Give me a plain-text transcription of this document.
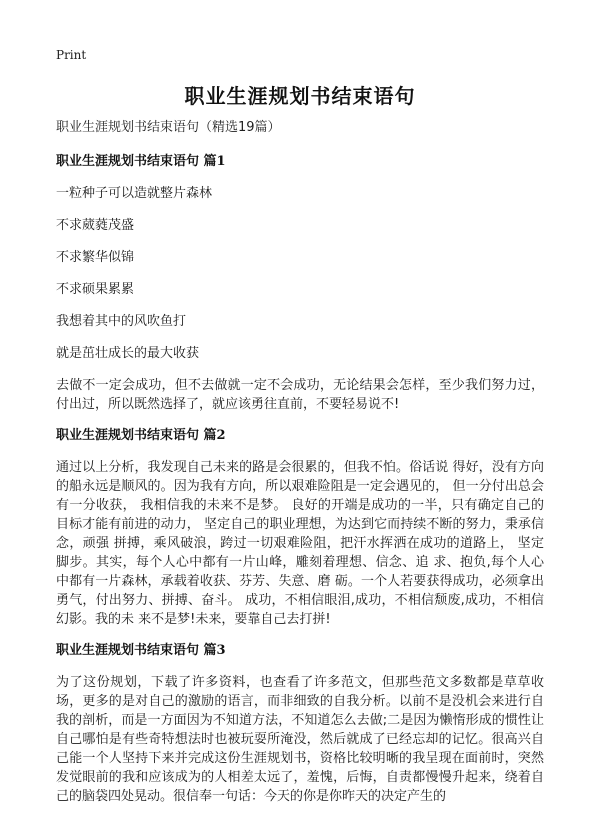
Print
职业生涯规划书结束语句

职业生涯规划书结束语句（精选19篇）

职业生涯规划书结束语句 篇1

一粒种子可以造就整片森林

不求葳蕤茂盛

不求繁华似锦

不求硕果累累

我想着其中的风吹鱼打

就是茁壮成长的最大收获

去做不一定会成功，但不去做就一定不会成功，无论结果会怎样，至少我们努力过，付出过，所以既然选择了，就应该勇往直前，不要轻易说不!

职业生涯规划书结束语句 篇2

通过以上分析，我发现自己未来的路是会很累的，但我不怕。俗话说 得好，没有方向的船永远是顺风的。因为我有方向，所以艰难险阻是一定会遇见的， 但一分付出总会有一分收获， 我相信我的未来不是梦。 良好的开端是成功的一半，只有确定自己的目标才能有前进的动力， 坚定自己的职业理想，为达到它而持续不断的努力，秉承信念，顽强 拼搏，乘风破浪，跨过一切艰难险阻，把汗水挥洒在成功的道路上， 坚定脚步。其实，每个人心中都有一片山峰，雕刻着理想、信念、追 求、抱负,每个人心中都有一片森林，承载着收获、芬芳、失意、磨 砺。一个人若要获得成功，必须拿出勇气，付出努力、拼搏、奋斗。 成功，不相信眼泪,成功，不相信颓废,成功，不相信幻影。我的未 来不是梦!未来，要靠自己去打拼!

职业生涯规划书结束语句 篇3

为了这份规划，下载了许多资料，也查看了许多范文，但那些范文多数都是草草收场，更多的是对自己的激励的语言，而非细致的自我分析。以前不是没机会来进行自我的剖析，而是一方面因为不知道方法，不知道怎么去做;二是因为懒惰形成的惯性让自己哪怕是有些奇特想法时也被玩耍所淹没，然后就成了已经忘却的记忆。很高兴自己能一个人坚持下来并完成这份生涯规划书，资格比较明晰的我呈现在面前时，突然发觉眼前的我和应该成为的人相差太远了，羞愧，后悔，自责都慢慢升起来，绕着自己的脑袋四处晃动。很信奉一句话：今天的你是你昨天的决定产生的
